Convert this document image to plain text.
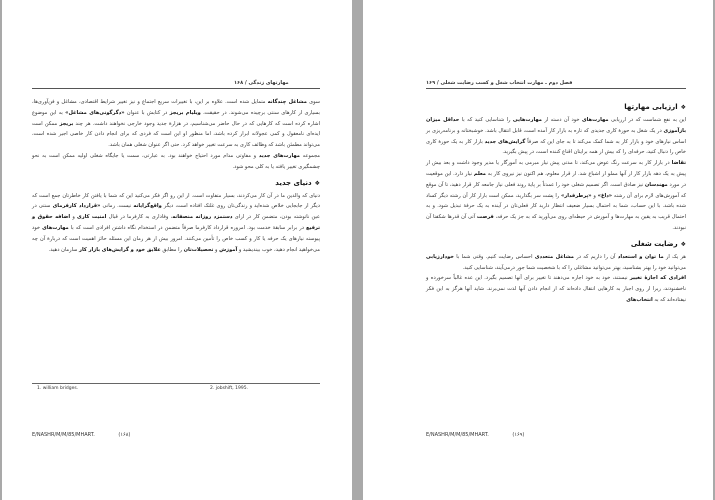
۱۶۸ / مهارتهای زندگی

سوی مشاغل چندگانه متمایل شده است. علاوه بر این، با تغییرات سریع اجتماع و نیز تغییر شرایط اقتصادی، مشاغل و فن‌آوری‌ها، بسیاری از کارهای سنتی برچیده می‌شوند. در حقیقت، ویلیام بریجز در کتابش با عنوان «دگرگونی‌های مشاغل» به این موضوع اشاره کرده است که کارهایی که در حال حاضر می‌شناسیم، در هزارهٔ جدید وجود خارجی نخواهند داشت. هر چند بریجز ممکن است ایده‌ای نامعقول و کمی عجولانه ابراز کرده باشد، اما منظور او این است که فردی که برای انجام دادن کار خاصی اجیر شده است، می‌تواند مطمئن باشد که وظائف کاری به سرعت تغییر خواهد کرد. حتی اگر عنوان شغلی همان باشد.

مجموعه مهارت‌های جدید و مفاوتی مدام مورد احتیاج خواهند بود. به عبارتی، سمت یا جایگاه شغلی اولیه ممکن است به نحو چشمگیری تغییر یافته یا به کلی محو شود.

❖دنیای جدید

دنیای که والدین ما در آن کار می‌کردند، بسیار متفاوت است. از این رو اگر فکر می‌کنید این که شما با یافتن کار خاطرتان جمع است که دیگر از جابجایی خلاص شده‌اید و زندگی‌تان روی غلتک افتاده است، دیگر واقع‌گرایانه نیست. زمانی «قرارداد کارفرمای سنتی در عین ناتوشته بودن، متضمن کار در ازای دستمزد روزانه منصفانه، وفاداری به کارفرما در قبال امنیت کاری و اضافه حقوق و ترفیع در برابر سابقهٔ خدمت بود. امروزه قرارداد کارفرما صرفاً متضمن در استخدام نگاه داشتن افرادی است که با مهارت‌های خود پیوسته نیازهای یک حرفه یا کار و کسب خاص را تأمین می‌کنند. امروز بیش از هر زمان این مسئله حائز اهمیت است که دربارهٔ آن چه می‌خواهید انجام دهید، خوب بیندیشید و آموزش و تحصیلات‌تان را مطابق علایق خود و گرایش‌های بازار کار سازمان دهید.

1. william bridges.	2. jobshift, 1995.
E/NASHR/M/M/85/MHART.	(۱۶۸)
فصل دوم ـ مهارت انتخاب شغل و کسب رضایت شغلی / ۱۶۹
❖ارزیابی مهارتها

این به نفع شماست که در ارزیابی مهارت‌های خود آن دسته از مهارت‌هایی را شناسایی کنید که با حداقل میزان بازآموزی در یک شغل به حوزهٔ کاری جدیدی که تازه به بازار کار آمده است، قابل انتقال باشد. خوشبختانه و برنامه‌ریزی بر اساس نیازهای خود و بازار کار به شما کمک می‌کند تا به جای این که صرفاً گرایش‌های جدید بازار کار به یک حوزهٔ کاری خاص را دنبال کنید، حرفه‌ای را که بیش از همه برایتان اقناع کننده است، در پیش بگیرید.

تقاضا در بازار کار به سرعت رنگ عوض می‌کند، تا مدتی پیش نیاز مبرمی به آموزگار یا مدیر وجود داشت و بعد بیش از پیش به یک دهه بازار کار از آنها مملو از اشباع شد. از قرار معلوم، هم اکنون نیز نیروی کار به معلم نیاز دارد. این موقعیت در مورد مهندسان نیز صادق است. اگر تصمیم شغلی خود را عمدتاً بر پایهٔ روند فعلی نیاز جامعه کار قرار دهید، تا آن موقع که آموزش‌های لازم برای آن رشته «داغ» و «پرطرفدار» را پشت سر بگذارید، ممکن است بازار کار آن رشته دیگر کساد شده باشد. با این حساب، شما به احتمال بسیار ضعیف انتظار دارید کار فعلی‌تان در آینده به یک حرفهٔ تبدیل شود. و به احتمال قریب به یقین به مهارت‌ها و آموزش در حیطه‌ای روی می‌آورید که به جز یک حرفه، فرصت آتی آن قدرها شکفتا آن نبودند.

❖رضایت شغلی

هر یک از ما توان و استعداد آن را داریم که در مشاغل متعددی احساس رضایت کنیم. وقتی شما با خودارزیابی می‌توانید خود را بهتر بشناسید، بهتر می‌توانید مشاغلی را که با شخصیت شما جور درمی‌آیند، شناسایی کنید.

افرادی که اجازهٔ تغییر نیستند، خود به خود اجازه می‌دهند تا تغییر برای آنها تصمیم بگیرد. این عده غالباً سرخورده و ناخشنودند، زیرا از روی اجبار به کارهایی انتقال داده‌اند که از انجام دادن آنها لذت نمی‌برند. شاید آنها هرگز به این فکر نیفتاده‌اند که به انتخاب‌های

E/NASHR/M/M/85/MHART.	(۱۶۹)
